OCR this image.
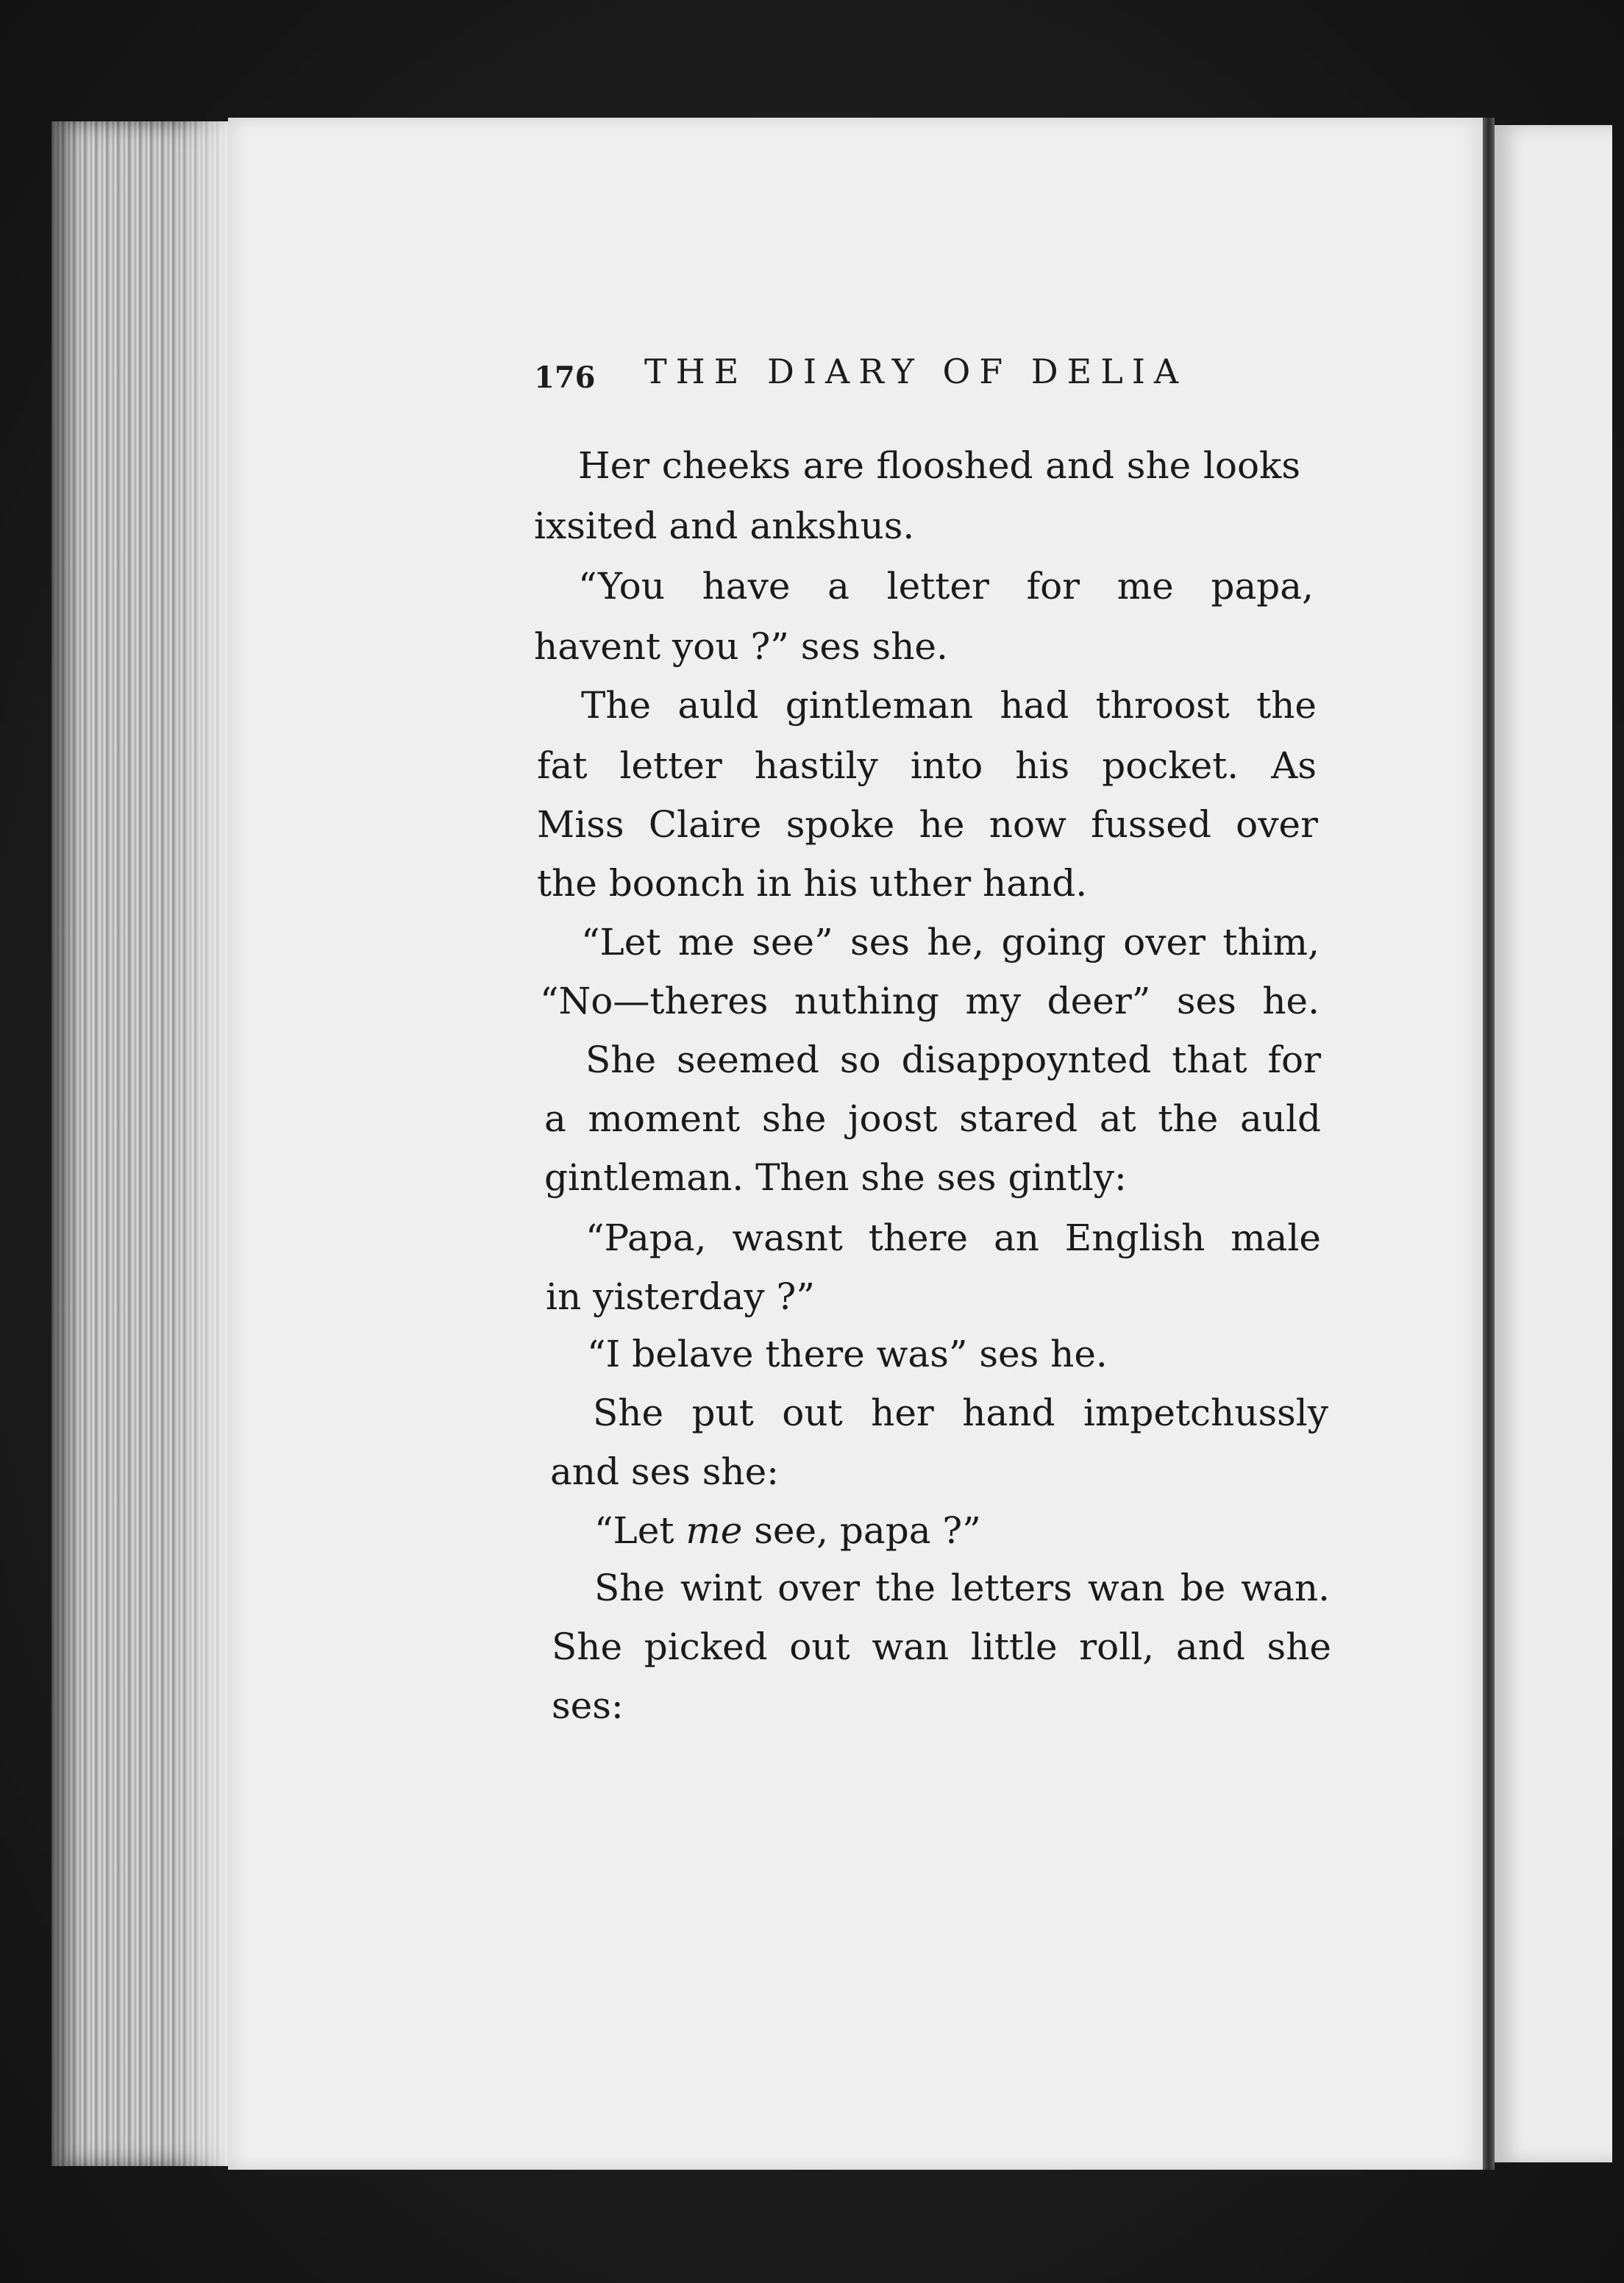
176 THE DIARY OF DELIA
Her cheeks are flooshed and she looks
ixsited and ankshus.
“You have a letter for me papa,
havent you ?” ses she.
The auld gintleman had throost the
fat letter hastily into his pocket. As
Miss Claire spoke he now fussed over
the boonch in his uther hand.
“Let me see” ses he, going over thim,
“No—theres nuthing my deer” ses he.
She seemed so disappoynted that for
a moment she joost stared at the auld
gintleman. Then she ses gintly:
“Papa, wasnt there an English male
in yisterday ?”
“I belave there was” ses he.
She put out her hand impetchussly
and ses she:
“Let me see, papa ?”
She wint over the letters wan be wan.
She picked out wan little roll, and she
ses:
